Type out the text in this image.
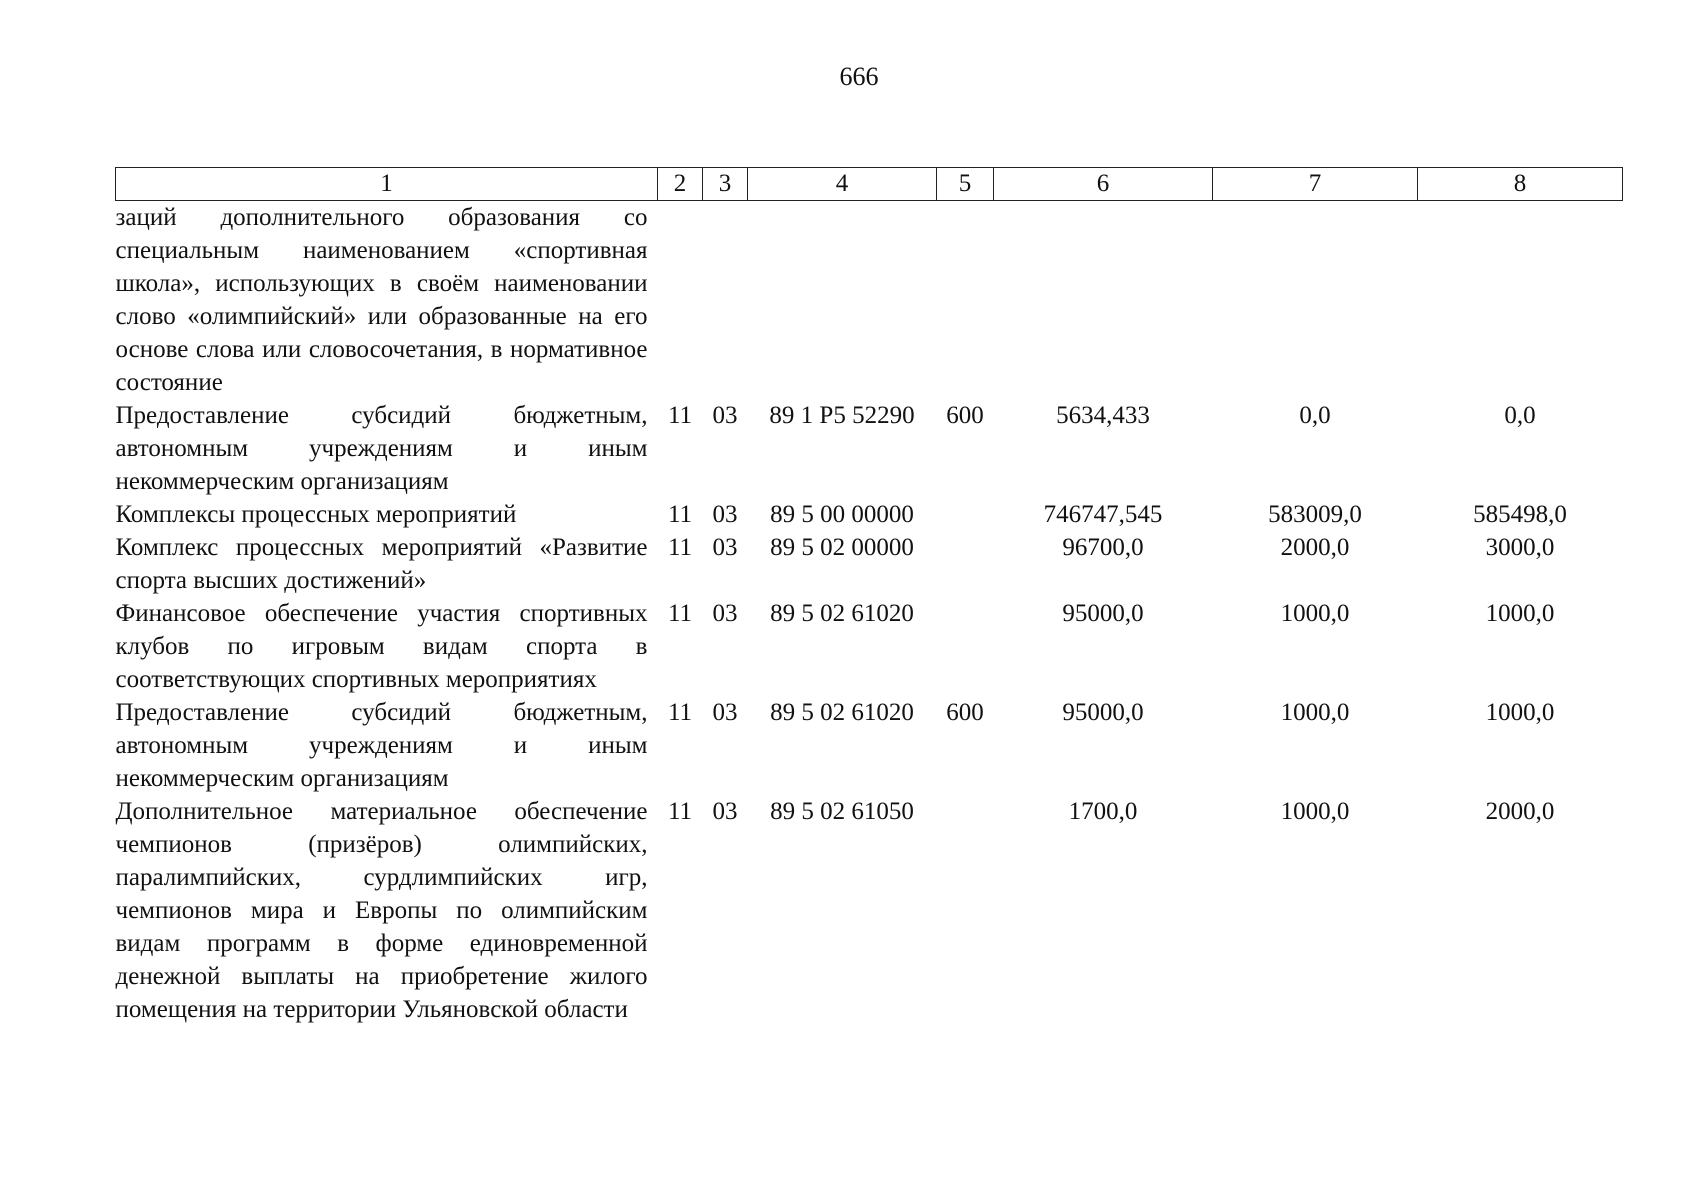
666
1	2	3	4	5	6	7	8
заций дополнительного образования со специальным наименованием «спортивная школа», использующих в своём наименовании слово «олимпийский» или образованные на его основе слова или словосочетания, в нормативное состояние							
Предоставление субсидий бюджетным, автономным учреждениям и иным некоммерческим организациям	11	03	89 1 P5 52290	600	5634,433	0,0	0,0
Комплексы процессных мероприятий	11	03	89 5 00 00000		746747,545	583009,0	585498,0
Комплекс процессных мероприятий «Развитие спорта высших достижений»	11	03	89 5 02 00000		96700,0	2000,0	3000,0
Финансовое обеспечение участия спортивных клубов по игровым видам спорта в соответствующих спортивных мероприятиях	11	03	89 5 02 61020		95000,0	1000,0	1000,0
Предоставление субсидий бюджетным, автономным учреждениям и иным некоммерческим организациям	11	03	89 5 02 61020	600	95000,0	1000,0	1000,0
Дополнительное материальное обеспечение чемпионов (призёров) олимпийских, паралимпийских, сурдлимпийских игр, чемпионов мира и Европы по олимпийским видам программ в форме единовременной денежной выплаты на приобретение жилого помещения на территории Ульяновской области	11	03	89 5 02 61050		1700,0	1000,0	2000,0
